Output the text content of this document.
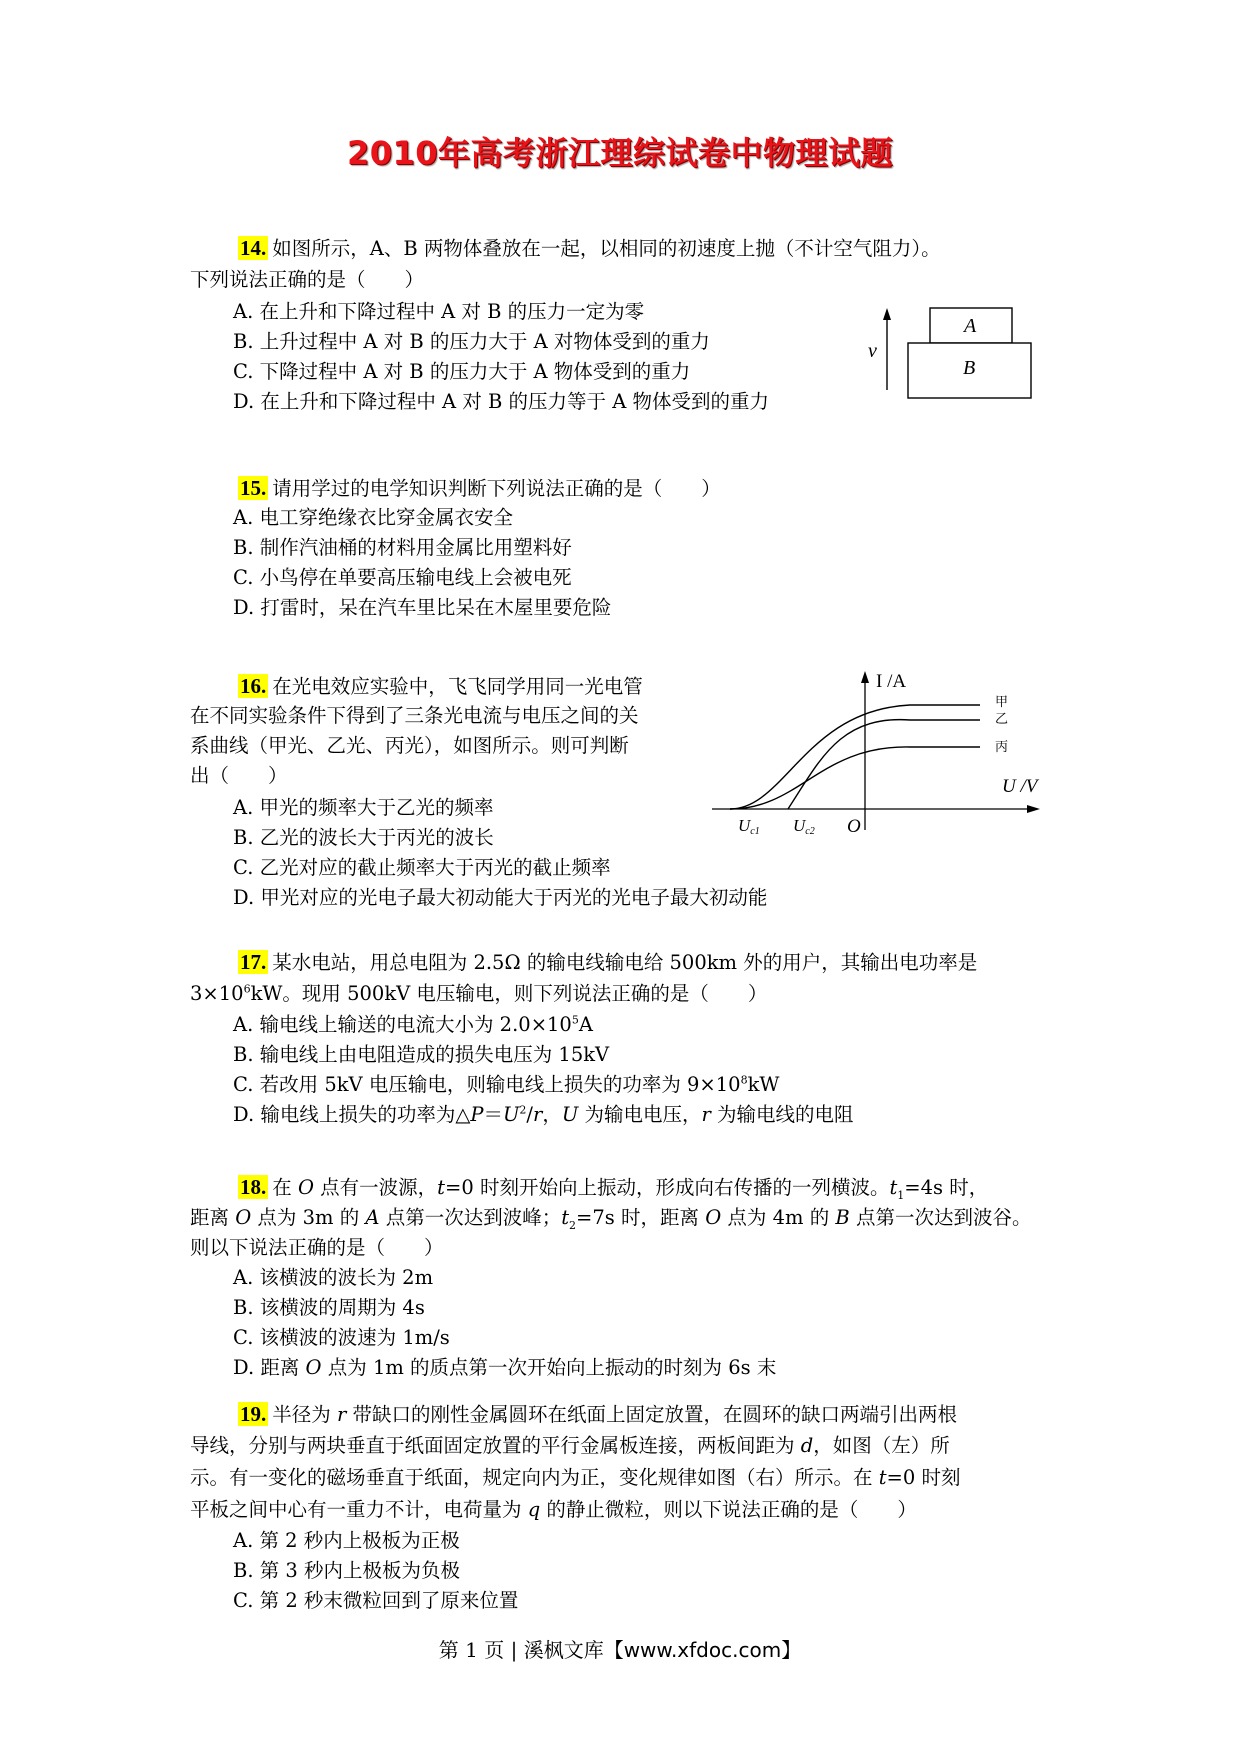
2010年高考浙江理综试卷中物理试题
14. 如图所示，A、B 两物体叠放在一起，以相同的初速度上抛（不计空气阻力）。
下列说法正确的是（　　）
A. 在上升和下降过程中 A 对 B 的压力一定为零
B. 上升过程中 A 对 B 的压力大于 A 对物体受到的重力
C. 下降过程中 A 对 B 的压力大于 A 物体受到的重力
D. 在上升和下降过程中 A 对 B 的压力等于 A 物体受到的重力
v
A
B
15. 请用学过的电学知识判断下列说法正确的是（　　）
A. 电工穿绝缘衣比穿金属衣安全
B. 制作汽油桶的材料用金属比用塑料好
C. 小鸟停在单要高压输电线上会被电死
D. 打雷时，呆在汽车里比呆在木屋里要危险
16. 在光电效应实验中，飞飞同学用同一光电管
在不同实验条件下得到了三条光电流与电压之间的关
系曲线（甲光、乙光、丙光），如图所示。则可判断
出（　　）
A. 甲光的频率大于乙光的频率
B. 乙光的波长大于丙光的波长
C. 乙光对应的截止频率大于丙光的截止频率
D. 甲光对应的光电子最大初动能大于丙光的光电子最大初动能
I /A
U /V
O
Uc1 Uc2
甲
乙
丙
17. 某水电站，用总电阻为 2.5Ω 的输电线输电给 500km 外的用户，其输出电功率是
$3\times 10^6kW$。现用 500kV 电压输电，则下列说法正确的是（　　）
A. 输电线上输送的电流大小为 $2.0\times 10^5A$
B. 输电线上由电阻造成的损失电压为 15kV
C. 若改用 5kV 电压输电，则输电线上损失的功率为 $9\times 10^8kW$
D. 输电线上损失的功率为$\triangle P=U^2/r$，U 为输电电压，r 为输电线的电阻
18. 在 O 点有一波源，t=0 时刻开始向上振动，形成向右传播的一列横波。$t_1=4s$ 时，
距离 O 点为 3m 的 A 点第一次达到波峰；$t_2=7s$ 时，距离 O 点为 4m 的 B 点第一次达到波谷。
则以下说法正确的是（　　）
A. 该横波的波长为 2m
B. 该横波的周期为 4s
C. 该横波的波速为 1m/s
D. 距离 O 点为 1m 的质点第一次开始向上振动的时刻为 6s 末
19. 半径为 r 带缺口的刚性金属圆环在纸面上固定放置，在圆环的缺口两端引出两根
导线，分别与两块垂直于纸面固定放置的平行金属板连接，两板间距为 d，如图（左）所
示。有一变化的磁场垂直于纸面，规定向内为正，变化规律如图（右）所示。在 t=0 时刻
平板之间中心有一重力不计，电荷量为 q 的静止微粒，则以下说法正确的是（　　）
A. 第 2 秒内上极板为正极
B. 第 3 秒内上极板为负极
C. 第 2 秒末微粒回到了原来位置
第 1 页 | 溪枫文库【www.xfdoc.com】
